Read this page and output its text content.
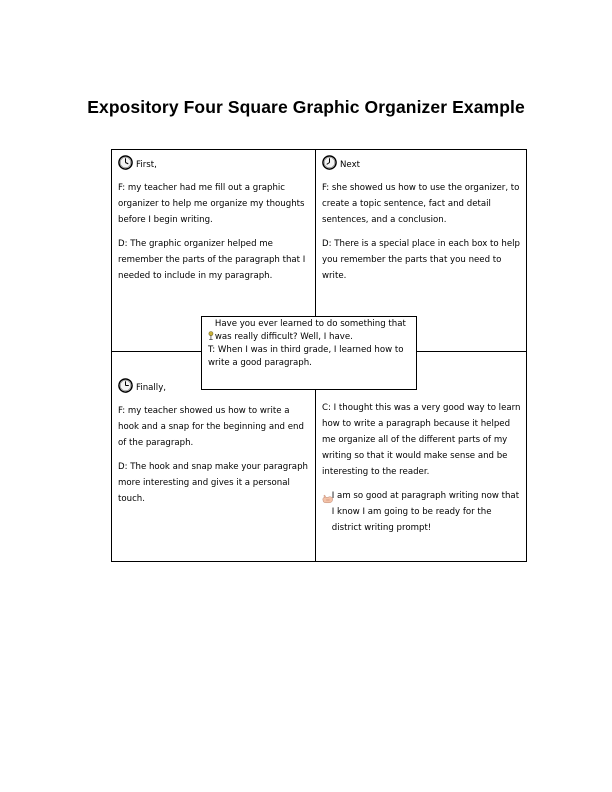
Expository Four Square Graphic Organizer Example
First,

F: my teacher had me fill out a graphic organizer to help me organize my thoughts before I begin writing.

D: The graphic organizer helped me remember the parts of the paragraph that I needed to include in my paragraph.

Next

F: she showed us how to use the organizer, to create a topic sentence, fact and detail sentences, and a conclusion.

D: There is a special place in each box to help you remember the parts that you need to write.

Finally,

F: my teacher showed us how to write a hook and a snap for the beginning and end of the paragraph.

D: The hook and snap make your paragraph more interesting and gives it a personal touch.

C: I thought this was a very good way to learn how to write a paragraph because it helped me organize all of the different parts of my writing so that it would make sense and be interesting to the reader.

I am so good at paragraph writing now that I know I am going to be ready for the district writing prompt!
Have you ever learned to do something that was really difficult? Well, I have.
T: When I was in third grade, I learned how to write a good paragraph.
